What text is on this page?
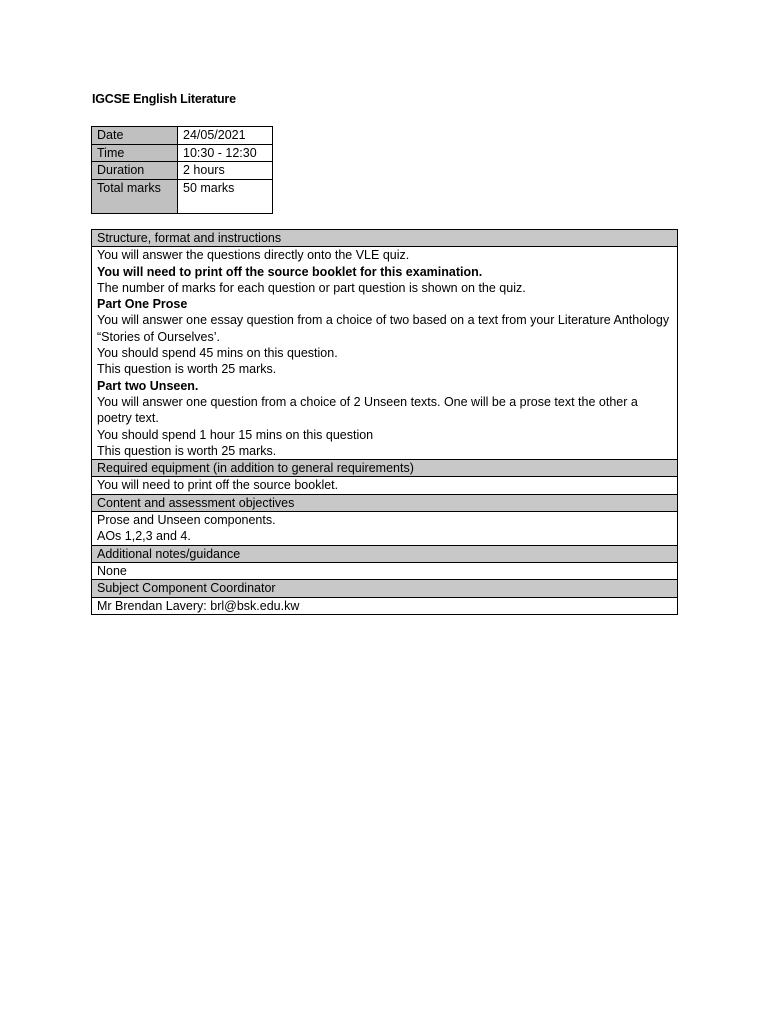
IGCSE English Literature
Date	24/05/2021
Time	10:30 - 12:30
Duration	2 hours
Total marks	50 marks
Structure, format and instructions

You will answer the questions directly onto the VLE quiz.
You will need to print off the source booklet for this examination.
The number of marks for each question or part question is shown on the quiz.
Part One Prose
You will answer one essay question from a choice of two based on a text from your Literature Anthology “Stories of Ourselves’.
You should spend 45 mins on this question.
This question is worth 25 marks.
Part two Unseen.
You will answer one question from a choice of 2 Unseen texts. One will be a prose text the other a poetry text.
You should spend 1 hour 15 mins on this question
This question is worth 25 marks.

Required equipment (in addition to general requirements)
You will need to print off the source booklet.
Content and assessment objectives

Prose and Unseen components.
AOs 1,2,3 and 4.

Additional notes/guidance
None
Subject Component Coordinator
Mr Brendan Lavery: brl@bsk.edu.kw
